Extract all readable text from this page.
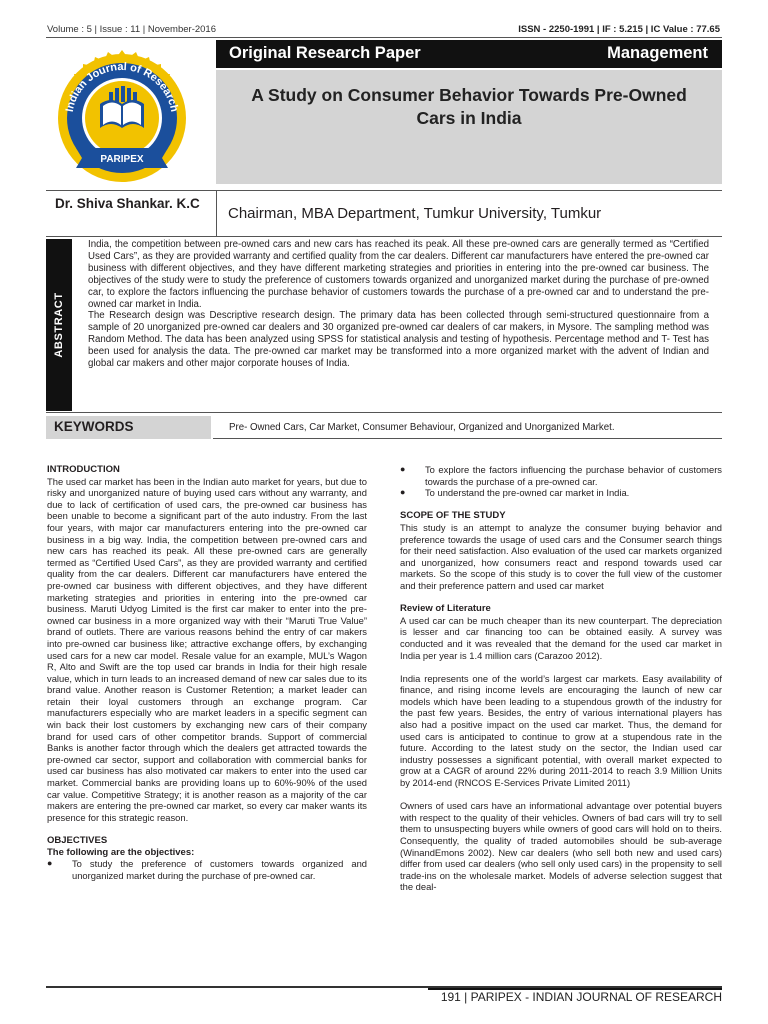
Volume : 5 | Issue : 11 | November-2016	ISSN - 2250-1991 | IF : 5.215 | IC Value : 77.65
Indian Journal of Research
PARIPEX
Original Research Paper	Management
A Study on Consumer Behavior Towards Pre-Owned Cars in India
Dr. Shiva Shankar. K.C
Chairman, MBA Department, Tumkur University, Tumkur
ABSTRACT

India, the competition between pre-owned cars and new cars has reached its peak. All these pre-owned cars are generally termed as “Certified Used Cars”, as they are provided warranty and certified quality from the car dealers. Different car manufacturers have entered the pre-owned car business with different objectives, and they have different marketing strategies and priorities in entering into the pre-owned car business. The objectives of the study were to study the preference of customers towards organized and unorganized market during the purchase of pre-owned car, to explore the factors influencing the purchase behavior of customers towards the purchase of a pre-owned car and to understand the pre-owned car market in India.

The Research design was Descriptive research design. The primary data has been collected through semi-structured questionnaire from a sample of 20 unorganized pre-owned car dealers and 30 organized pre-owned car dealers of car makers, in Mysore. The sampling method was Random Method. The data has been analyzed using SPSS for statistical analysis and testing of hypothesis. Percentage method and T- Test has been used for analysis the data. The pre-owned car market may be transformed into a more organized market with the advent of Indian and global car makers and other major corporate houses of India.

KEYWORDS	Pre- Owned Cars, Car Market, Consumer Behaviour, Organized and Unorganized Market.
INTRODUCTION

The used car market has been in the Indian auto market for years, but due to risky and unorganized nature of buying used cars without any warranty, and due to lack of certification of used cars, the pre-owned car business has been unable to become a significant part of the auto industry. From the last four years, with major car manufacturers entering into the pre-owned car business in a big way. India, the competition between pre-owned cars and new cars has reached its peak. All these pre-owned cars are generally termed as “Certified Used Cars”, as they are provided warranty and certified quality from the car dealers. Different car manufacturers have entered the pre-owned car business with different objectives, and they have different marketing strategies and priorities in entering into the pre-owned car business. Maruti Udyog Limited is the first car maker to enter into the pre-owned car business in a more organized way with their “Maruti True Value” brand of outlets. There are various reasons behind the entry of car makers into pre-owned car business like; attractive exchange offers, by exchanging used cars for a new car model. Resale value for an example, MUL’s Wagon R, Alto and Swift are the top used car brands in India for their high resale value, which in turn leads to an increased demand of new car sales due to its brand value. Another reason is Customer Retention; a market leader can retain their loyal customers through an exchange program. Car manufacturers especially who are market leaders in a specific segment can win back their lost customers by exchanging new cars of their company brand for used cars of other competitor brands. Support of commercial Banks is another factor through which the dealers get attracted towards the pre-owned car sector, support and collaboration with commercial banks for used car business has also motivated car makers to enter into the used car market. Commercial banks are providing loans up to 60%-90% of the used car value. Competitive Strategy; it is another reason as a majority of the car makers are entering the pre-owned car market, so every car maker wants its presence for this strategic reason.

OBJECTIVES
The following are the objectives:
● To study the preference of customers towards organized and unorganized market during the purchase of pre-owned car.
● To explore the factors influencing the purchase behavior of customers towards the purchase of a pre-owned car.
● To understand the pre-owned car market in India.
SCOPE OF THE STUDY

This study is an attempt to analyze the consumer buying behavior and preference towards the usage of used cars and the Consumer search things for their need satisfaction. Also evaluation of the used car markets organized and unorganized, how consumers react and respond towards used car markets. So the scope of this study is to cover the full view of the customer and their preference pattern and used car market

Review of Literature

A used car can be much cheaper than its new counterpart. The depreciation is lesser and car financing too can be obtained easily. A survey was conducted and it was revealed that the demand for the used car market in India per year is 1.4 million cars (Carazoo 2012).

India represents one of the world’s largest car markets. Easy availability of finance, and rising income levels are encouraging the launch of new car models which have been leading to a stupendous growth of the industry for the past few years. Besides, the entry of various international players has also had a positive impact on the used car market. Thus, the demand for used cars is anticipated to continue to grow at a stupendous rate in the future. According to the latest study on the sector, the Indian used car industry possesses a significant potential, with overall market expected to grow at a CAGR of around 22% during 2011-2014 to reach 3.9 Million Units by 2014-end (RNCOS E-Services Private Limited 2011)

Owners of used cars have an informational advantage over potential buyers with respect to the quality of their vehicles. Owners of bad cars will try to sell them to unsuspecting buyers while owners of good cars will hold on to theirs. Consequently, the quality of traded automobiles should be sub-average (WinandEmons 2002). New car dealers (who sell both new and used cars) differ from used car dealers (who sell only used cars) in the propensity to sell trade-ins on the wholesale market. Models of adverse selection suggest that the deal-

191 | PARIPEX - INDIAN JOURNAL OF RESEARCH
